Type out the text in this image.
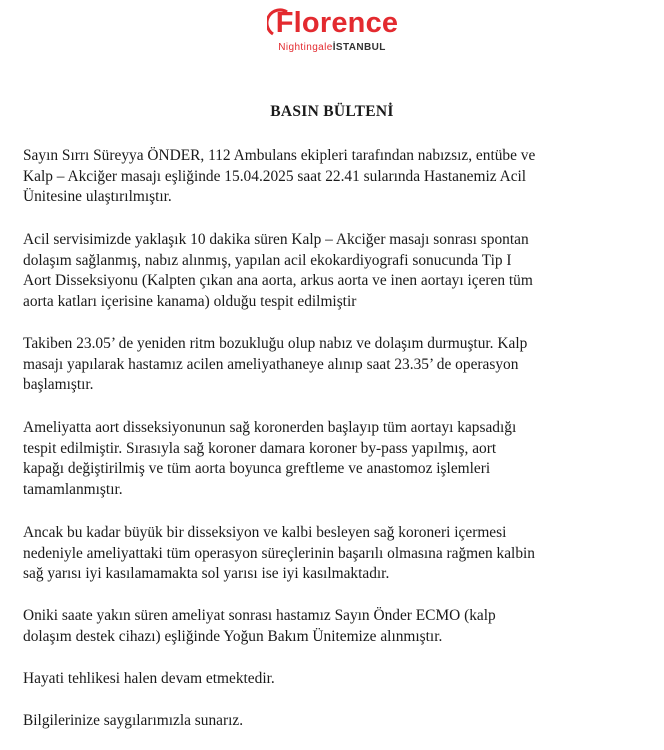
Florence
NightingaleİSTANBUL
BASIN BÜLTENİ

Sayın Sırrı Süreyya ÖNDER, 112 Ambulans ekipleri tarafından nabızsız, entübe ve
Kalp – Akciğer masajı eşliğinde 15.04.2025 saat 22.41 sularında Hastanemiz Acil
Ünitesine ulaştırılmıştır.

Acil servisimizde yaklaşık 10 dakika süren Kalp – Akciğer masajı sonrası spontan
dolaşım sağlanmış, nabız alınmış, yapılan acil ekokardiyografi sonucunda Tip I
Aort Disseksiyonu (Kalpten çıkan ana aorta, arkus aorta ve inen aortayı içeren tüm
aorta katları içerisine kanama) olduğu tespit edilmiştir

Takiben 23.05’ de yeniden ritm bozukluğu olup nabız ve dolaşım durmuştur. Kalp
masajı yapılarak hastamız acilen ameliyathaneye alınıp saat 23.35’ de operasyon
başlamıştır.

Ameliyatta aort disseksiyonunun sağ koronerden başlayıp tüm aortayı kapsadığı
tespit edilmiştir. Sırasıyla sağ koroner damara koroner by-pass yapılmış, aort
kapağı değiştirilmiş ve tüm aorta boyunca greftleme ve anastomoz işlemleri
tamamlanmıştır.

Ancak bu kadar büyük bir disseksiyon ve kalbi besleyen sağ koroneri içermesi
nedeniyle ameliyattaki tüm operasyon süreçlerinin başarılı olmasına rağmen kalbin
sağ yarısı iyi kasılamamakta sol yarısı ise iyi kasılmaktadır.

Oniki saate yakın süren ameliyat sonrası hastamız Sayın Önder ECMO (kalp
dolaşım destek cihazı) eşliğinde Yoğun Bakım Ünitemize alınmıştır.

Hayati tehlikesi halen devam etmektedir.

Bilgilerinize saygılarımızla sunarız.
